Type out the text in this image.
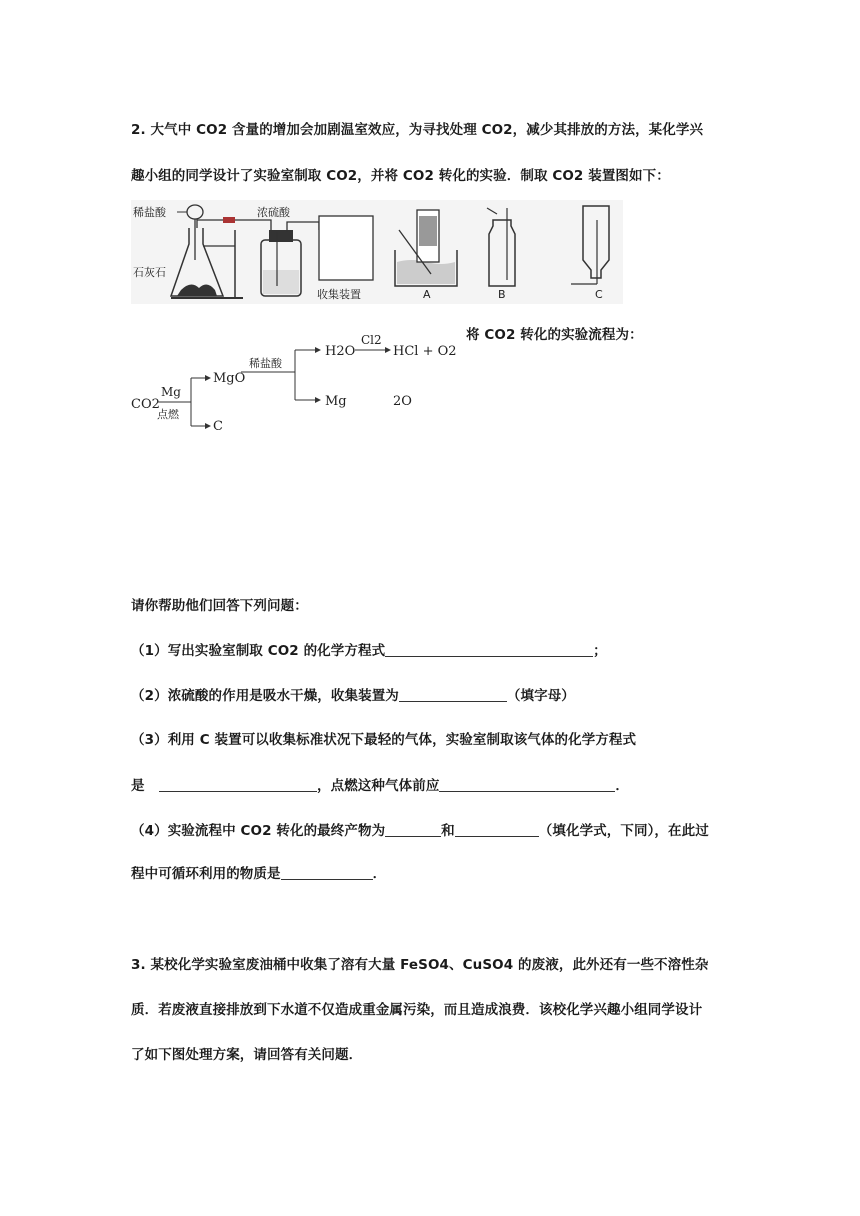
2. 大气中 CO2 含量的增加会加剧温室效应，为寻找处理 CO2，减少其排放的方法，某化学兴
趣小组的同学设计了实验室制取 CO2，并将 CO2 转化的实验．制取 CO2 装置图如下：
稀盐酸
石灰石
浓硫酸
收集装置	A	B	C
将 CO2 转化的实验流程为：
CO2
Mg
点燃
MgO
C
稀盐酸
H2O
Cl2
HCl + O2
Mg	2O
请你帮助他们回答下列问题：
（1）写出实验室制取 CO2 的化学方程式	；
（2）浓硫酸的作用是吸水干燥，收集装置为	（填字母）
（3）利用 C 装置可以收集标准状况下最轻的气体，实验室制取该气体的化学方程式
是	，点燃这种气体前应	．
（4）实验流程中 CO2 转化的最终产物为	和	（填化学式，下同），在此过
程中可循环利用的物质是	．
3. 某校化学实验室废油桶中收集了溶有大量 FeSO4、CuSO4 的废液，此外还有一些不溶性杂
质．若废液直接排放到下水道不仅造成重金属污染，而且造成浪费．该校化学兴趣小组同学设计
了如下图处理方案，请回答有关问题．
